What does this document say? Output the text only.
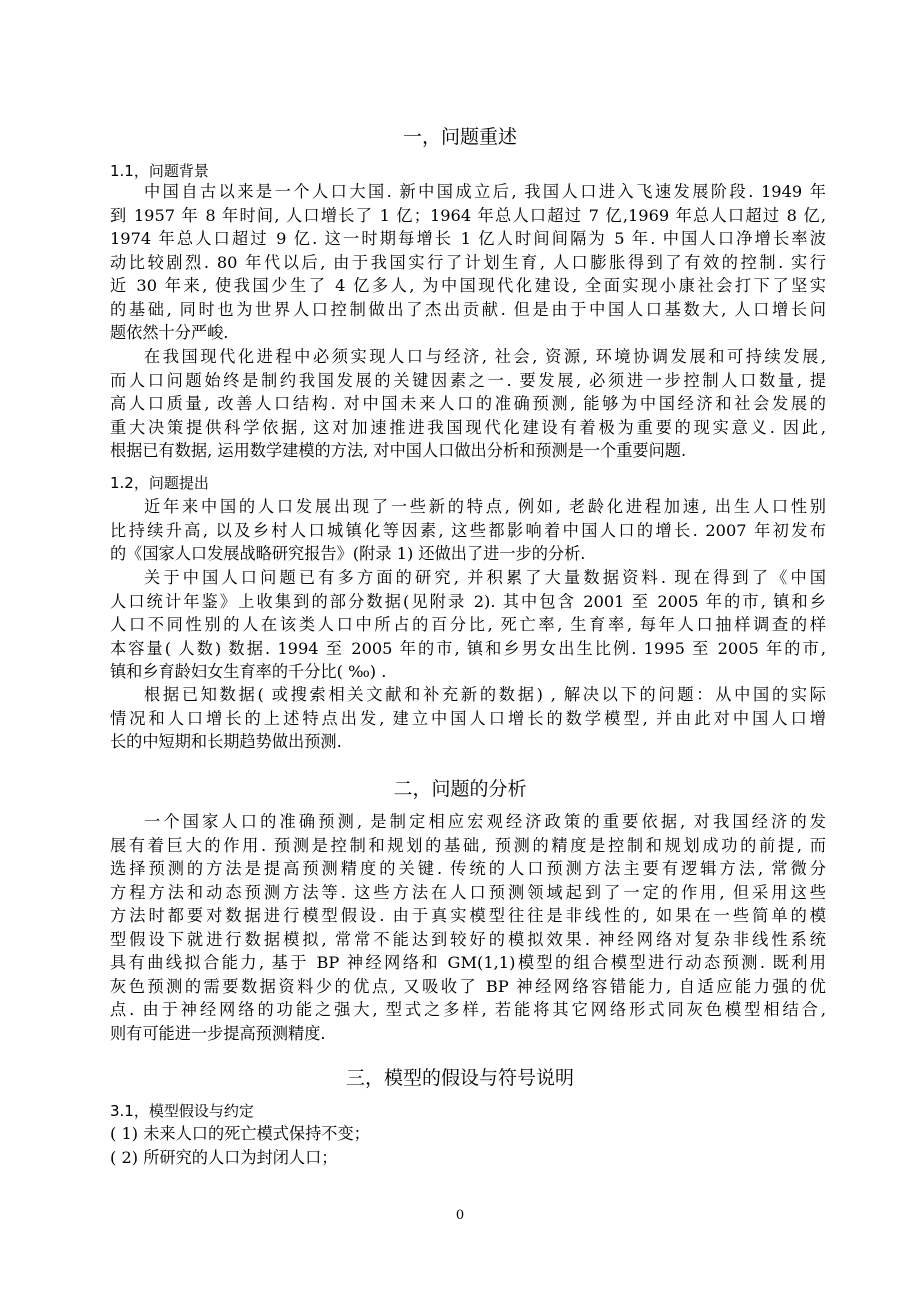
一，问题重述
1.1，问题背景
中国自古以来是一个人口大国. 新中国成立后, 我国人口进入飞速发展阶段. 1949 年
到 1957 年 8 年时间, 人口增长了 1 亿；1964 年总人口超过 7 亿,1969 年总人口超过 8 亿,
1974 年总人口超过 9 亿. 这一时期每增长 1 亿人时间间隔为 5 年. 中国人口净增长率波
动比较剧烈. 80 年代以后, 由于我国实行了计划生育, 人口膨胀得到了有效的控制. 实行
近 30 年来, 使我国少生了 4 亿多人, 为中国现代化建设, 全面实现小康社会打下了坚实
的基础, 同时也为世界人口控制做出了杰出贡献. 但是由于中国人口基数大, 人口增长问
题依然十分严峻.
在我国现代化进程中必须实现人口与经济, 社会, 资源, 环境协调发展和可持续发展,
而人口问题始终是制约我国发展的关键因素之一. 要发展, 必须进一步控制人口数量, 提
高人口质量, 改善人口结构. 对中国未来人口的准确预测, 能够为中国经济和社会发展的
重大决策提供科学依据, 这对加速推进我国现代化建设有着极为重要的现实意义. 因此,
根据已有数据, 运用数学建模的方法, 对中国人口做出分析和预测是一个重要问题.
1.2，问题提出
近年来中国的人口发展出现了一些新的特点, 例如, 老龄化进程加速, 出生人口性别
比持续升高, 以及乡村人口城镇化等因素, 这些都影响着中国人口的增长. 2007 年初发布
的《国家人口发展战略研究报告》(附录 1) 还做出了进一步的分析.
关于中国人口问题已有多方面的研究, 并积累了大量数据资料. 现在得到了《中国
人口统计年鉴》上收集到的部分数据(见附录 2). 其中包含 2001 至 2005 年的市, 镇和乡
人口不同性别的人在该类人口中所占的百分比, 死亡率, 生育率, 每年人口抽样调查的样
本容量( 人数) 数据. 1994 至 2005 年的市, 镇和乡男女出生比例. 1995 至 2005 年的市,
镇和乡育龄妇女生育率的千分比( ‰) .
根据已知数据( 或搜索相关文献和补充新的数据) , 解决以下的问题：从中国的实际
情况和人口增长的上述特点出发, 建立中国人口增长的数学模型, 并由此对中国人口增
长的中短期和长期趋势做出预测.
二，问题的分析
一个国家人口的准确预测, 是制定相应宏观经济政策的重要依据, 对我国经济的发
展有着巨大的作用. 预测是控制和规划的基础, 预测的精度是控制和规划成功的前提, 而
选择预测的方法是提高预测精度的关键. 传统的人口预测方法主要有逻辑方法, 常微分
方程方法和动态预测方法等. 这些方法在人口预测领域起到了一定的作用, 但采用这些
方法时都要对数据进行模型假设. 由于真实模型往往是非线性的, 如果在一些简单的模
型假设下就进行数据模拟, 常常不能达到较好的模拟效果. 神经网络对复杂非线性系统
具有曲线拟合能力, 基于 BP 神经网络和 GM(1,1)模型的组合模型进行动态预测. 既利用
灰色预测的需要数据资料少的优点, 又吸收了 BP 神经网络容错能力, 自适应能力强的优
点. 由于神经网络的功能之强大, 型式之多样, 若能将其它网络形式同灰色模型相结合,
则有可能进一步提高预测精度.
三，模型的假设与符号说明
3.1，模型假设与约定
( 1) 未来人口的死亡模式保持不变；
( 2) 所研究的人口为封闭人口；
0
